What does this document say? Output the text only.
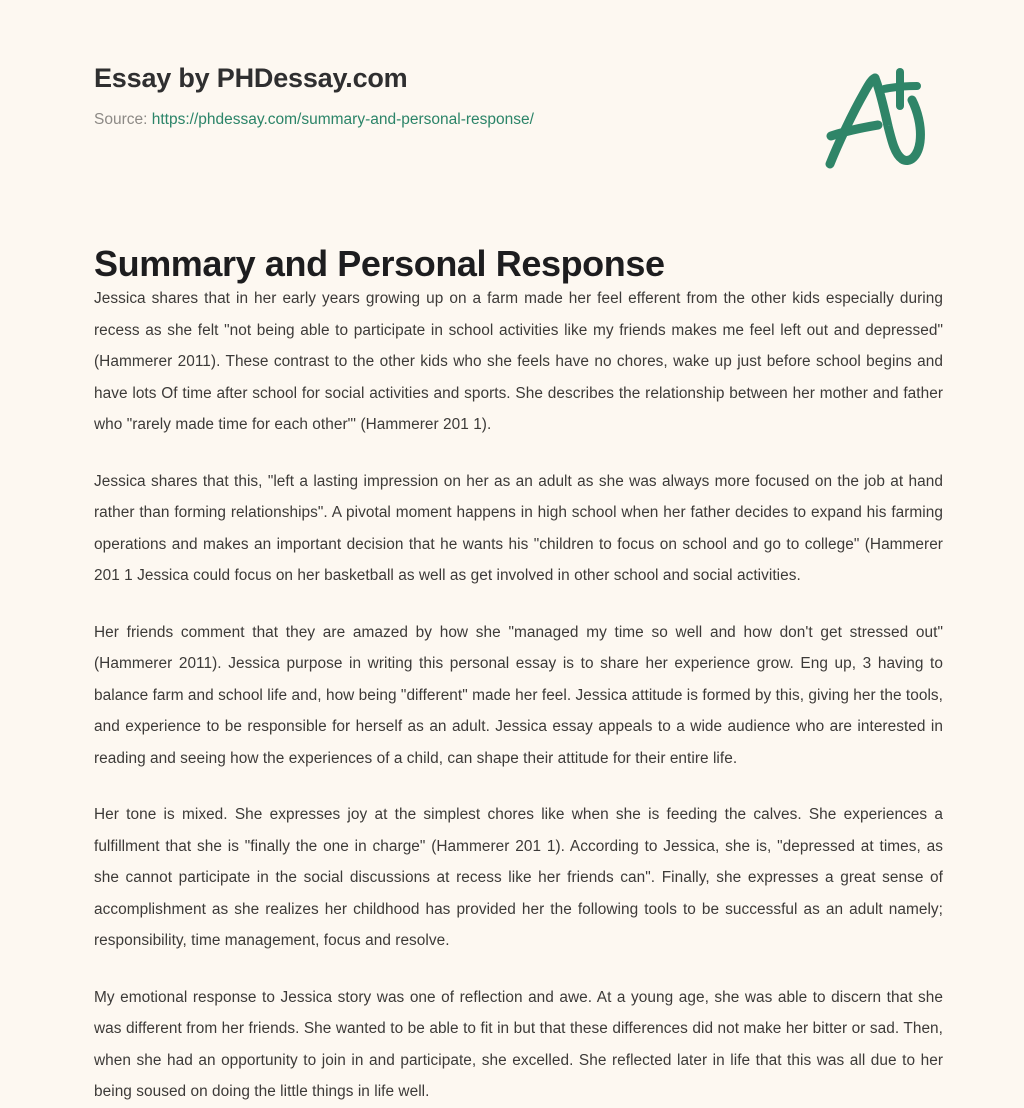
Essay by PHDessay.com
Source: https://phdessay.com/summary-and-personal-response/
Summary and Personal Response

Jessica shares that in her early years growing up on a farm made her feel efferent from the other kids especially during recess as she felt "not being able to participate in school activities like my friends makes me feel left out and depressed" (Hammerer 2011). These contrast to the other kids who she feels have no chores, wake up just before school begins and have lots Of time after school for social activities and sports. She describes the relationship between her mother and father who "rarely made time for each other"' (Hammerer 201 1).

Jessica shares that this, "left a lasting impression on her as an adult as she was always more focused on the job at hand rather than forming relationships". A pivotal moment happens in high school when her father decides to expand his farming operations and makes an important decision that he wants his "children to focus on school and go to college" (Hammerer 201 1 Jessica could focus on her basketball as well as get involved in other school and social activities.

Her friends comment that they are amazed by how she "managed my time so well and how don't get stressed out" (Hammerer 2011). Jessica purpose in writing this personal essay is to share her experience grow. Eng up, 3 having to balance farm and school life and, how being "different" made her feel. Jessica attitude is formed by this, giving her the tools, and experience to be responsible for herself as an adult. Jessica essay appeals to a wide audience who are interested in reading and seeing how the experiences of a child, can shape their attitude for their entire life.

Her tone is mixed. She expresses joy at the simplest chores like when she is feeding the calves. She experiences a fulfillment that she is "finally the one in charge" (Hammerer 201 1). According to Jessica, she is, "depressed at times, as she cannot participate in the social discussions at recess like her friends can". Finally, she expresses a great sense of accomplishment as she realizes her childhood has provided her the following tools to be successful as an adult namely; responsibility, time management, focus and resolve.

My emotional response to Jessica story was one of reflection and awe. At a young age, she was able to discern that she was different from her friends. She wanted to be able to fit in but that these differences did not make her bitter or sad. Then, when she had an opportunity to join in and participate, she excelled. She reflected later in life that this was all due to her being soused on doing the little things in life well.
